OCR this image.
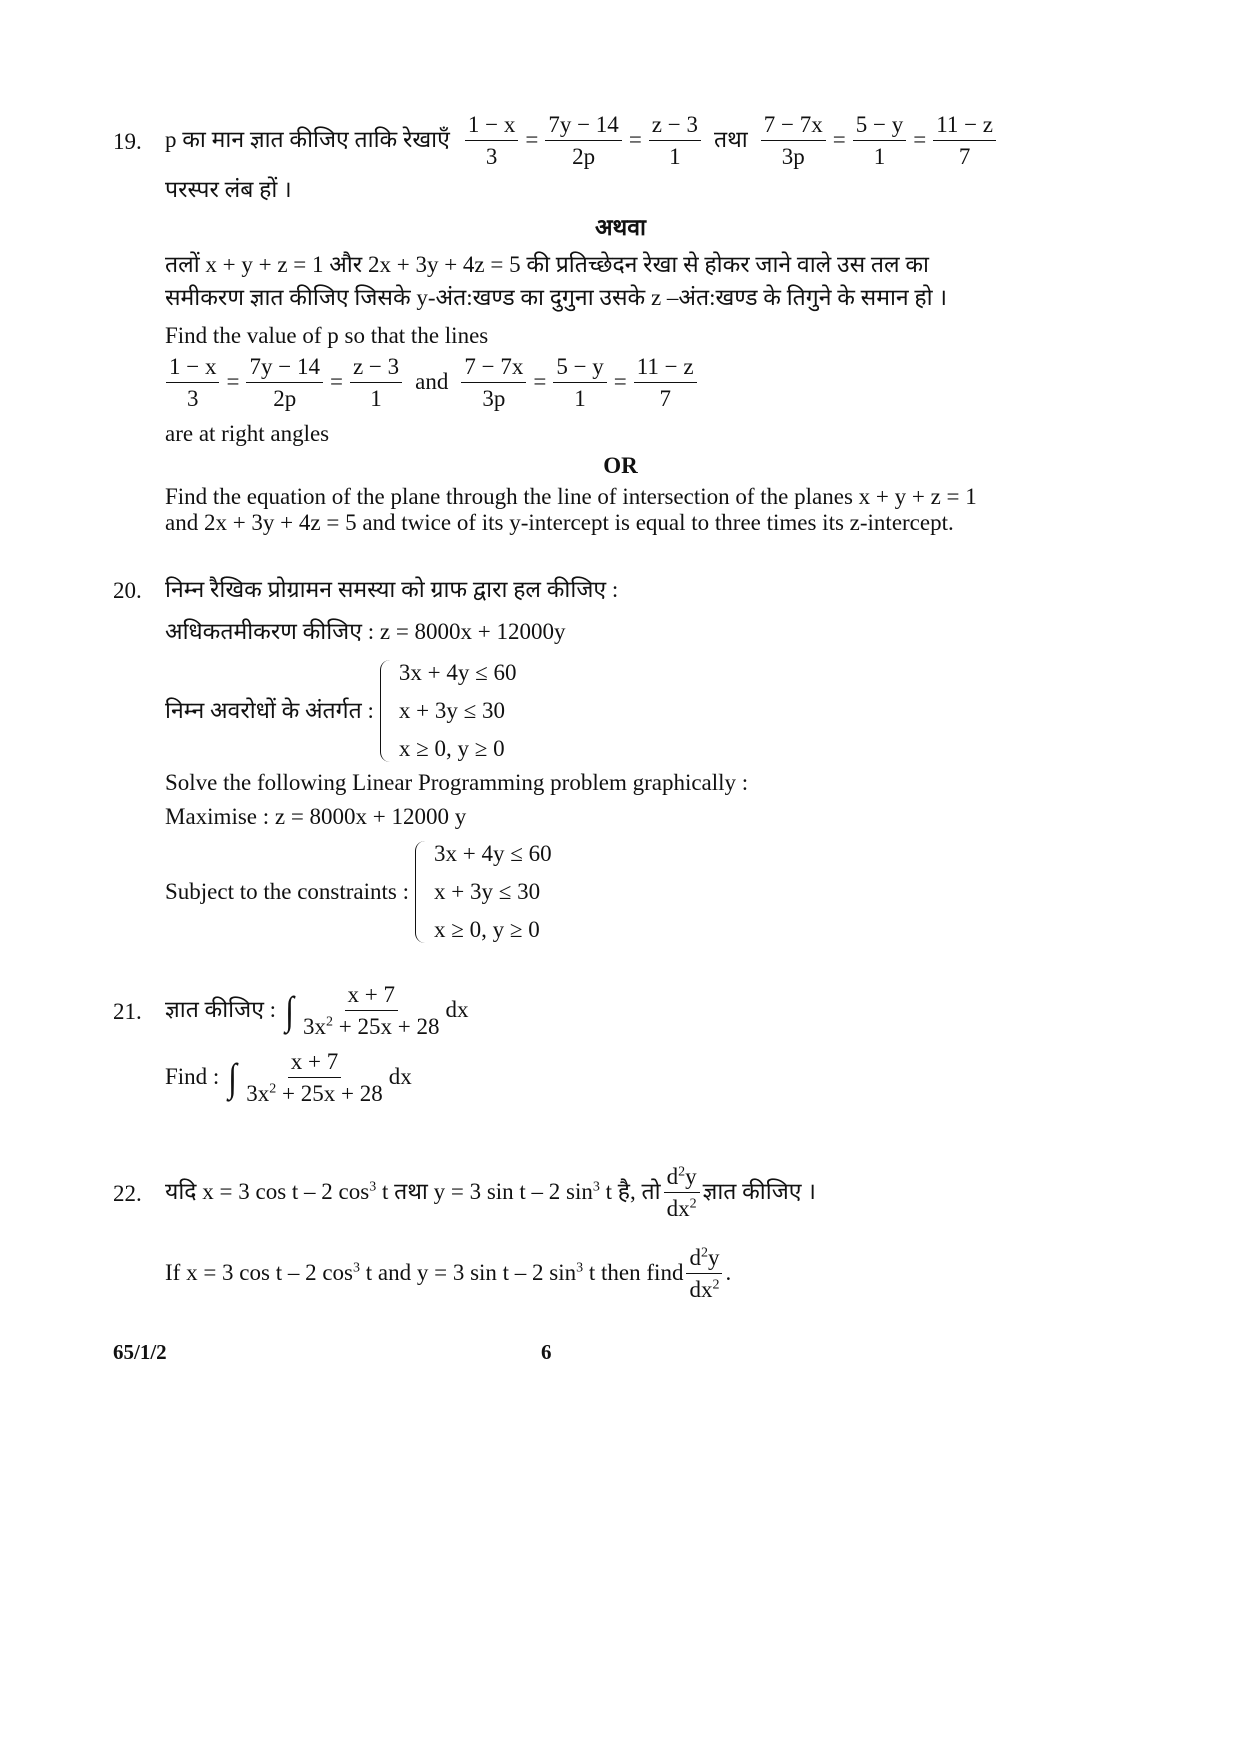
19. p का मान ज्ञात कीजिए ताकि रेखाएँ $\frac{1 - x}{3} = \frac{7y - 14}{2p} = \frac{z - 3}{1}$ तथा $\frac{7 - 7x}{3p} = \frac{5 - y}{1} = \frac{11 - z}{7}$
परस्पर लंब हों ।
अथवा
तलों x + y + z = 1 और 2x + 3y + 4z = 5 की प्रतिच्छेदन रेखा से होकर जाने वाले उस तल का
समीकरण ज्ञात कीजिए जिसके y-अंत:खण्ड का दुगुना उसके z –अंत:खण्ड के तिगुने के समान हो ।
Find the value of p so that the lines
$\frac{1 - x}{3} = \frac{7y - 14}{2p} = \frac{z - 3}{1}$ and $\frac{7 - 7x}{3p} = \frac{5 - y}{1} = \frac{11 - z}{7}$
are at right angles
OR
Find the equation of the plane through the line of intersection of the planes x + y + z = 1
and 2x + 3y + 4z = 5 and twice of its y-intercept is equal to three times its z-intercept.
20. निम्न रैखिक प्रोग्रामन समस्या को ग्राफ द्वारा हल कीजिए :
अधिकतमीकरण कीजिए : z = 8000x + 12000y
निम्न अवरोधों के अंतर्गत :
3x + 4y ≤ 60
x + 3y ≤ 30
x ≥ 0, y ≥ 0
Solve the following Linear Programming problem graphically :
Maximise : z = 8000x + 12000 y
Subject to the constraints :
3x + 4y ≤ 60
x + 3y ≤ 30
x ≥ 0, y ≥ 0
21. ज्ञात कीजिए : ∫ $\frac{x + 7}{3x^2 + 25x + 28}$ dx
Find : ∫ $\frac{x + 7}{3x^2 + 25x + 28}$ dx
22. यदि x = 3 cos t – 2 $\cos^3 t$ तथा y = 3 sin t – 2 $\sin^3 t$ है, तो $\frac{d^2y}{dx^2}$ ज्ञात कीजिए ।
If x = 3 cos t – 2 $\cos^3 t$ and y = 3 sin t – 2 $\sin^3 t$ then find $\frac{d^2y}{dx^2}$ .
65/1/2	6
